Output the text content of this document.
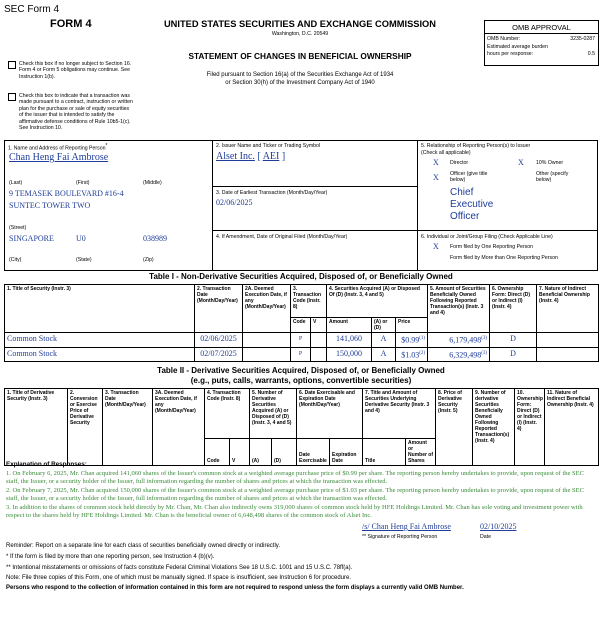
SEC Form 4
FORM 4	UNITED STATES SECURITIES AND EXCHANGE COMMISSION
Washington, D.C. 20549
STATEMENT OF CHANGES IN BENEFICIAL OWNERSHIP
Filed pursuant to Section 16(a) of the Securities Exchange Act of 1934
or Section 30(h) of the Investment Company Act of 1940
OMB APPROVAL
OMB Number:	3235-0287
Estimated average burden
hours per response:	0.5
Check this box if no longer subject to Section 16. Form 4 or Form 5 obligations may continue. See Instruction 1(b).
Check this box to indicate that a transaction was made pursuant to a contract, instruction or written plan for the purchase or sale of equity securities of the issuer that is intended to satisfy the affirmative defense conditions of Rule 10b5-1(c). See Instruction 10.
1. Name and Address of Reporting Person*
Chan Heng Fai Ambrose
(Last)	(First)	(Middle)
9 TEMASEK BOULEVARD #16-4
SUNTEC TOWER TWO
(Street)
SINGAPORE	U0	038989
(City)	(State)	(Zip)
2. Issuer Name and Ticker or Trading Symbol
Alset Inc. [ AEI ]
3. Date of Earliest Transaction (Month/Day/Year)
02/06/2025
4. If Amendment, Date of Original Filed (Month/Day/Year)
5. Relationship of Reporting Person(s) to Issuer
(Check all applicable)
X Director	X 10% Owner
X Officer (give title
below)
Other (specify
below)
Chief
Executive
Officer
6. Individual or Joint/Group Filing (Check Applicable Line)
X Form filed by One Reporting Person
Form filed by More than One Reporting Person
Table I - Non-Derivative Securities Acquired, Disposed of, or Beneficially Owned
1. Title of Security (Instr. 3)	2. Transaction Date (Month/Day/Year)	2A. Deemed Execution Date, if any (Month/Day/Year)	3. Transaction Code (Instr. 8)		4. Securities Acquired (A) or Disposed Of (D) (Instr. 3, 4 and 5)			5. Amount of Securities Beneficially Owned Following Reported Transaction(s) (Instr. 3 and 4)	6. Ownership Form: Direct (D) or Indirect (I) (Instr. 4)	7. Nature of Indirect Beneficial Ownership (Instr. 4)
			Code	V	Amount	(A) or (D)	Price			
Common Stock	02/06/2025		P		141,060	A	$0.99$^{(1)}$	6,179,498$^{(3)}$	D	
Common Stock	02/07/2025		P		150,000	A	$1.03$^{(2)}$	6,329,498$^{(3)}$	D	
Table II - Derivative Securities Acquired, Disposed of, or Beneficially Owned
(e.g., puts, calls, warrants, options, convertible securities)
1. Title of Derivative Security (Instr. 3)	2. Conversion or Exercise Price of Derivative Security	3. Transaction Date (Month/Day/Year)	3A. Deemed Execution Date, if any (Month/Day/Year)	4. Transaction Code (Instr. 8)		5. Number of Derivative Securities Acquired (A) or Disposed of (D) (Instr. 3, 4 and 5)		6. Date Exercisable and Expiration Date (Month/Day/Year)		7. Title and Amount of Securities Underlying Derivative Security (Instr. 3 and 4)		8. Price of Derivative Security (Instr. 5)	9. Number of derivative Securities Beneficially Owned Following Reported Transaction(s) (Instr. 4)	10. Ownership Form: Direct (D) or Indirect (I) (Instr. 4)	11. Nature of Indirect Beneficial Ownership (Instr. 4)
				Code	V	(A)	(D)	Date Exercisable	Expiration Date	Title	Amount or Number of Shares				
Explanation of Responses:
1. On February 6, 2025, Mr. Chan acquired 141,060 shares of the Issuer's common stock at a weighted average purchase price of $0.99 per share. The reporting person hereby undertakes to provide, upon request of the SEC staff, the Issuer, or a security holder of the Issuer, full information regarding the number of shares and prices at which the transaction was effected.
2. On February 7, 2025, Mr. Chan acquired 150,000 shares of the Issuer's common stock at a weighted average purchase price of $1.03 per share. The reporting person hereby undertakes to provide, upon request of the SEC staff, the Issuer, or a security holder of the Issuer, full information regarding the number of shares and prices at which the transaction was effected.
3. In addition to the shares of common stock held directly by Mr. Chan, Mr. Chan also indirectly owns 319,000 shares of common stock held by HFE Holdings Limited. Mr. Chan has sole voting and investment power with respect to the shares held by HFE Holdings Limited. Mr. Chan is the beneficial owner of 6,648,498 shares of the common stock of Alset Inc.
/s/ Chan Heng Fai Ambrose	02/10/2025
** Signature of Reporting Person	Date
Reminder: Report on a separate line for each class of securities beneficially owned directly or indirectly.
* If the form is filed by more than one reporting person, see Instruction 4 (b)(v).
** Intentional misstatements or omissions of facts constitute Federal Criminal Violations See 18 U.S.C. 1001 and 15 U.S.C. 78ff(a).
Note: File three copies of this Form, one of which must be manually signed. If space is insufficient, see Instruction 6 for procedure.
Persons who respond to the collection of information contained in this form are not required to respond unless the form displays a currently valid OMB Number.
